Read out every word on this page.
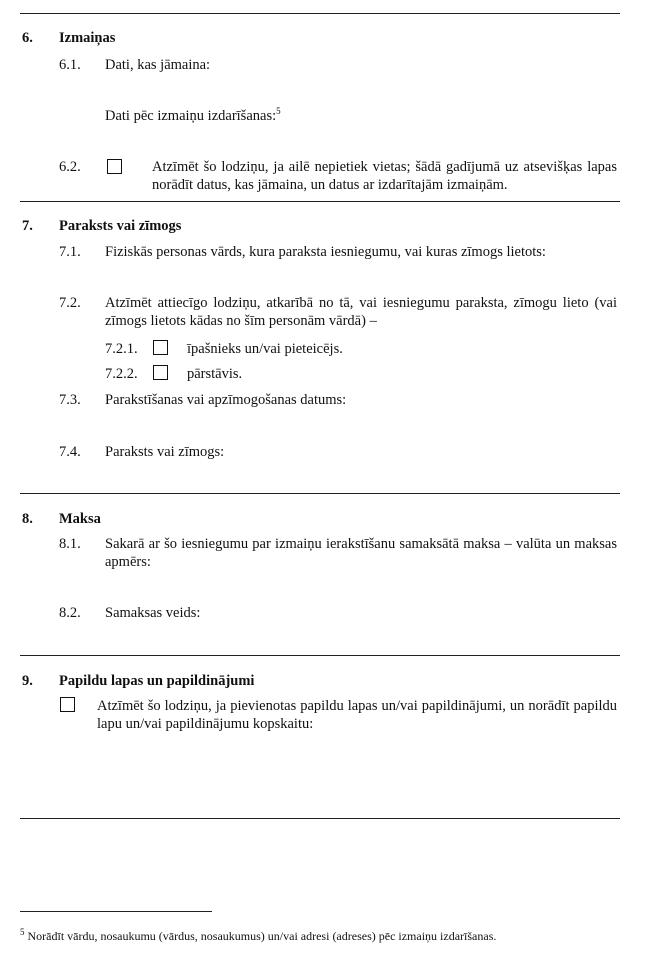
6. Izmaiņas
6.1. Dati, kas jāmaina:
Dati pēc izmaiņu izdarīšanas:$^5$
6.2.	Atzīmēt šo lodziņu, ja ailē nepietiek vietas; šādā gadījumā uz atsevišķas lapas norādīt datus, kas jāmaina, un datus ar izdarītajām izmaiņām.
7. Paraksts vai zīmogs
7.1. Fiziskās personas vārds, kura paraksta iesniegumu, vai kuras zīmogs lietots:
7.2. Atzīmēt attiecīgo lodziņu, atkarībā no tā, vai iesniegumu paraksta, zīmogu lieto (vai zīmogs lietots kādas no šīm personām vārdā) –
7.2.1.	īpašnieks un/vai pieteicējs.
7.2.2.	pārstāvis.
7.3. Parakstīšanas vai apzīmogošanas datums:
7.4. Paraksts vai zīmogs:
8. Maksa
8.1. Sakarā ar šo iesniegumu par izmaiņu ierakstīšanu samaksātā maksa – valūta un maksas apmērs:
8.2. Samaksas veids:
9. Papildu lapas un papildinājumi
Atzīmēt šo lodziņu, ja pievienotas papildu lapas un/vai papildinājumi, un norādīt papildu lapu un/vai papildinājumu kopskaitu:
$^5$ Norādīt vārdu, nosaukumu (vārdus, nosaukumus) un/vai adresi (adreses) pēc izmaiņu izdarīšanas.
